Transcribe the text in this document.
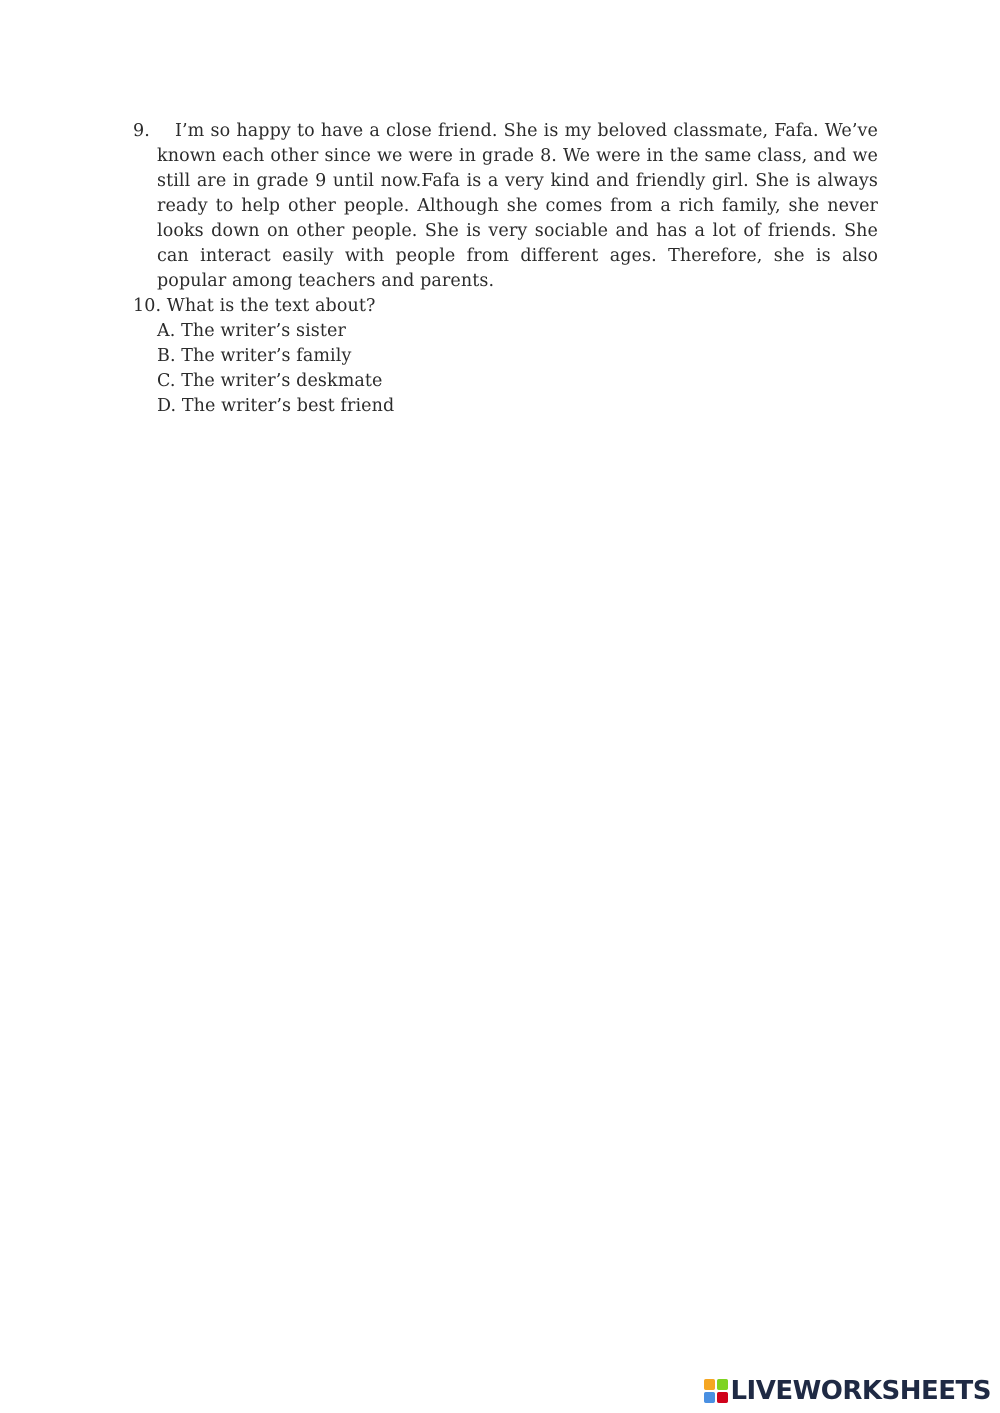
9.	I’m so happy to have a close friend. She is my beloved classmate, Fafa. We’ve known each other since we were in grade 8. We were in the same class, and we still are in grade 9 until now.Fafa is a very kind and friendly girl. She is always ready to help other people. Although she comes from a rich family, she never looks down on other people. She is very sociable and has a lot of friends. She can interact easily with people from different ages. Therefore, she is also popular among teachers and parents.

10. What is the text about?
A. The writer’s sister
B. The writer’s family
C. The writer’s deskmate
D. The writer’s best friend
LIVEWORKSHEETS
